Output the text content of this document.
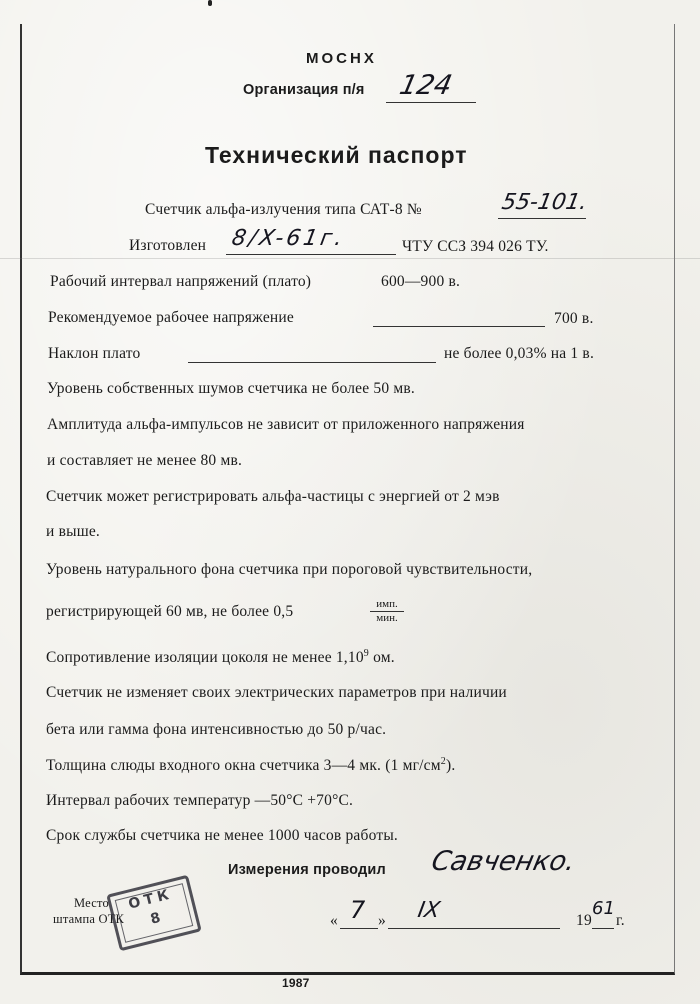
МОСНХ
Организация п/я 124
Технический паспорт
Счетчик альфа-излучения типа САТ-8 №	55-101.
Изготовлен 8/X-61г.	ЧТУ ССЗ 394 026 ТУ.
Рабочий интервал напряжений (плато)	600—900 в.
Рекомендуемое рабочее напряжение	700 в.
Наклон плато	не более 0,03% на 1 в.
Уровень собственных шумов счетчика не более 50 мв.
Амплитуда альфа-импульсов не зависит от приложенного напряжения
и составляет не менее 80 мв.
Счетчик может регистрировать альфа-частицы с энергией от 2 мэв
и выше.
Уровень натурального фона счетчика при пороговой чувствительности,
регистрирующей 60 мв, не более 0,5	имп.
мин.
Сопротивление изоляции цоколя не менее 1,10$^9$ ом.
Счетчик не изменяет своих электрических параметров при наличии
бета или гамма фона интенсивностью до 50 р/час.
Толщина слюды входного окна счетчика 3—4 мк. (1 $мг/см^2$).
Интервал рабочих температур —50°С +70°С.
Срок службы счетчика не менее 1000 часов работы.
Измерения проводил Савченко.
Место
штампа ОТК
ОТК
8	« 7 » IX	19
61
г.
1987
